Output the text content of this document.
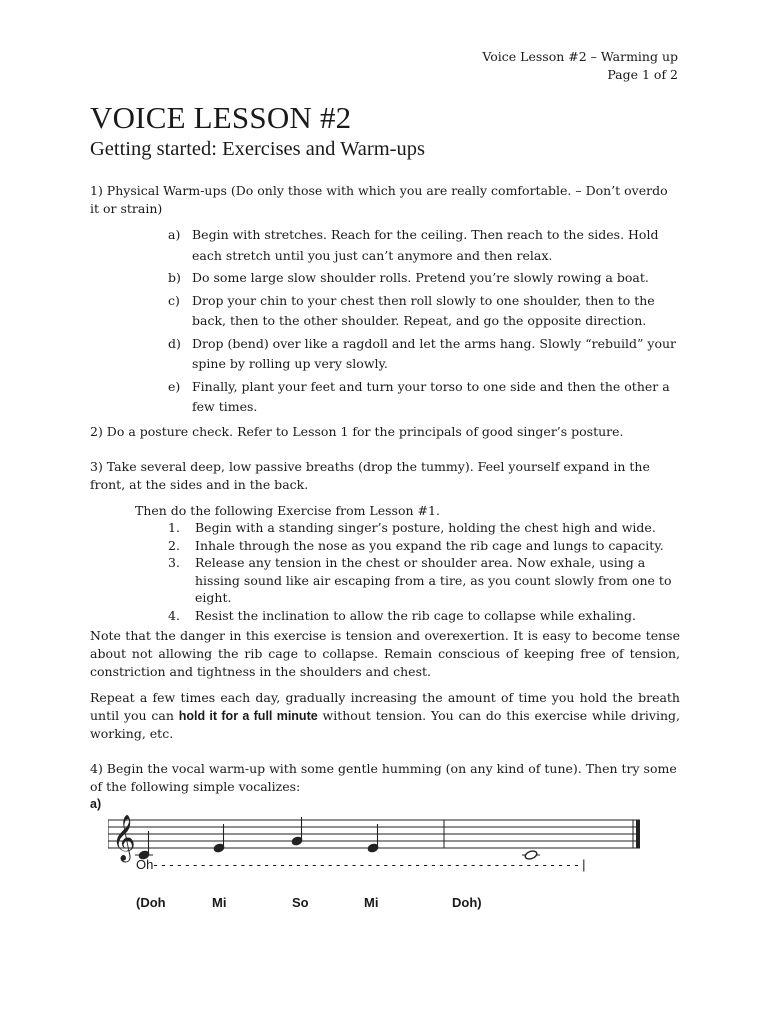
Voice Lesson #2 – Warming up
Page 1 of 2
VOICE LESSON #2
Getting started: Exercises and Warm-ups

1) Physical Warm-ups (Do only those with which you are really comfortable. – Don’t overdo it or strain)

a) Begin with stretches. Reach for the ceiling. Then reach to the sides. Hold each stretch until you just can’t anymore and then relax.
b) Do some large slow shoulder rolls. Pretend you’re slowly rowing a boat.
c) Drop your chin to your chest then roll slowly to one shoulder, then to the back, then to the other shoulder. Repeat, and go the opposite direction.
d) Drop (bend) over like a ragdoll and let the arms hang. Slowly “rebuild” your spine by rolling up very slowly.
e) Finally, plant your feet and turn your torso to one side and then the other a few times.

2) Do a posture check. Refer to Lesson 1 for the principals of good singer’s posture.

3) Take several deep, low passive breaths (drop the tummy). Feel yourself expand in the front, at the sides and in the back.

Then do the following Exercise from Lesson #1.

1. Begin with a standing singer’s posture, holding the chest high and wide.
2. Inhale through the nose as you expand the rib cage and lungs to capacity.
3. Release any tension in the chest or shoulder area. Now exhale, using a hissing sound like air escaping from a tire, as you count slowly from one to eight.
4. Resist the inclination to allow the rib cage to collapse while exhaling.

Note that the danger in this exercise is tension and overexertion. It is easy to become tense about not allowing the rib cage to collapse. Remain conscious of keeping free of tension, constriction and tightness in the shoulders and chest.

Repeat a few times each day, gradually increasing the amount of time you hold the breath until you can hold it for a full minute without tension. You can do this exercise while driving, working, etc.

4) Begin the vocal warm-up with some gentle humming (on any kind of tune). Then try some of the following simple vocalizes:

a)
𝄞
Oh- - - - - - - - - - - - - - - - - - - - - - - - - - - - - - - - - - - - - - - - - - - - - - - - - - - - - - |
(Doh	Mi	So	Mi	Doh)
